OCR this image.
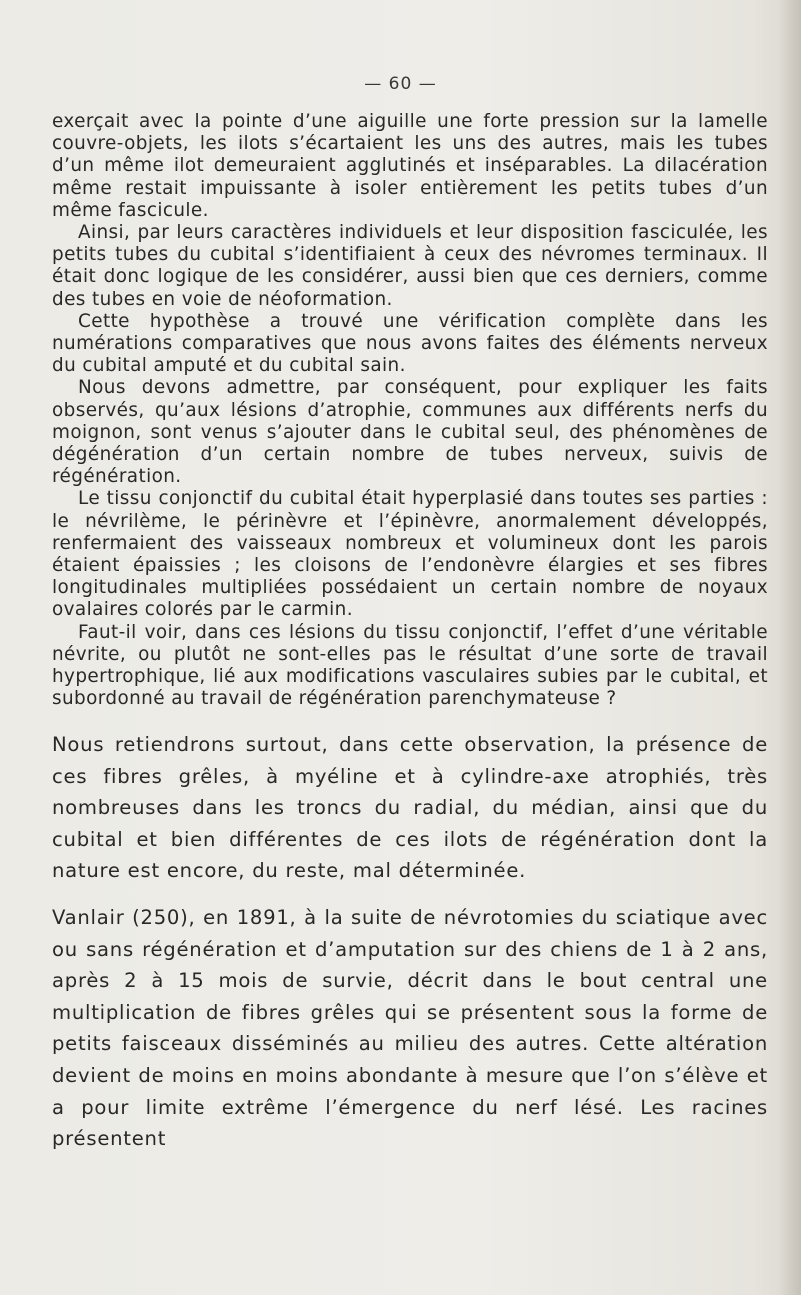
— 60 —

exerçait avec la pointe d’une aiguille une forte pression sur la lamelle couvre-objets, les ilots s’écartaient les uns des autres, mais les tubes d’un même ilot demeuraient agglutinés et inséparables. La dilacération même restait impuissante à isoler entièrement les petits tubes d’un même fascicule.

Ainsi, par leurs caractères individuels et leur disposition fasciculée, les petits tubes du cubital s’identifiaient à ceux des névromes terminaux. Il était donc logique de les considérer, aussi bien que ces derniers, comme des tubes en voie de néoformation.

Cette hypothèse a trouvé une vérification complète dans les numérations comparatives que nous avons faites des éléments nerveux du cubital amputé et du cubital sain.

Nous devons admettre, par conséquent, pour expliquer les faits observés, qu’aux lésions d’atrophie, communes aux différents nerfs du moignon, sont venus s’ajouter dans le cubital seul, des phénomènes de dégénération d’un certain nombre de tubes nerveux, suivis de régénération.

Le tissu conjonctif du cubital était hyperplasié dans toutes ses parties : le névrilème, le périnèvre et l’épinèvre, anormalement développés, renfermaient des vaisseaux nombreux et volumineux dont les parois étaient épaissies ; les cloisons de l’endonèvre élargies et ses fibres longitudinales multipliées possédaient un certain nombre de noyaux ovalaires colorés par le carmin.

Faut-il voir, dans ces lésions du tissu conjonctif, l’effet d’une véritable névrite, ou plutôt ne sont-elles pas le résultat d’une sorte de travail hypertrophique, lié aux modifications vasculaires subies par le cubital, et subordonné au travail de régénération parenchymateuse ?

Nous retiendrons surtout, dans cette observation, la présence de ces fibres grêles, à myéline et à cylindre-axe atrophiés, très nombreuses dans les troncs du radial, du médian, ainsi que du cubital et bien différentes de ces ilots de régénération dont la nature est encore, du reste, mal déterminée.

Vanlair (250), en 1891, à la suite de névrotomies du sciatique avec ou sans régénération et d’amputation sur des chiens de 1 à 2 ans, après 2 à 15 mois de survie, décrit dans le bout central une multiplication de fibres grêles qui se présentent sous la forme de petits faisceaux disséminés au milieu des autres. Cette altération devient de moins en moins abondante à mesure que l’on s’élève et a pour limite extrême l’émergence du nerf lésé. Les racines présentent
